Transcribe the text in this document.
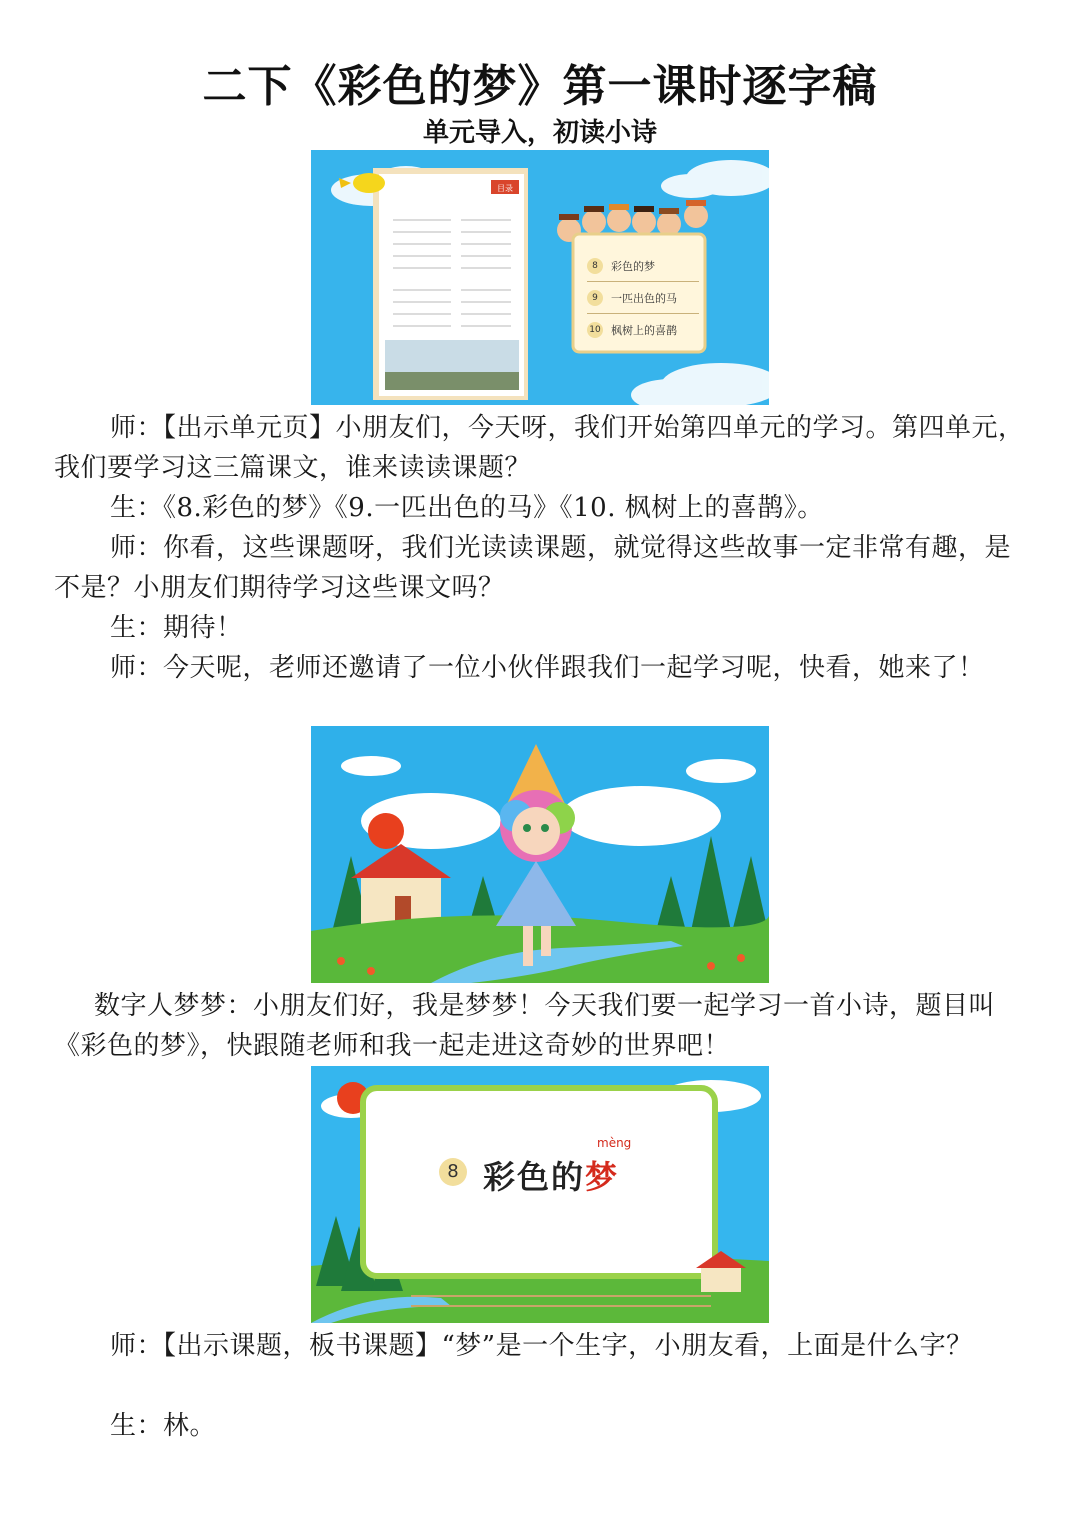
二下《彩色的梦》第一课时逐字稿
单元导入，初读小诗
8	彩色的梦
9	一匹出色的马
10 枫树上的喜鹊
目录
师：【出示单元页】小朋友们，今天呀，我们开始第四单元的学习。第四单元，我们要学习这三篇课文，谁来读读课题？
生：《8.彩色的梦》《9.一匹出色的马》《10. 枫树上的喜鹊》。
师：你看，这些课题呀，我们光读读课题，就觉得这些故事一定非常有趣，是不是？小朋友们期待学习这些课文吗？
生：期待！
师：今天呢，老师还邀请了一位小伙伴跟我们一起学习呢，快看，她来了！
数字人梦梦：小朋友们好，我是梦梦！今天我们要一起学习一首小诗，题目叫《彩色的梦》，快跟随老师和我一起走进这奇妙的世界吧！
8 彩色的梦
mèng
师：【出示课题，板书课题】“梦”是一个生字，小朋友看，上面是什么字？
生：林。
